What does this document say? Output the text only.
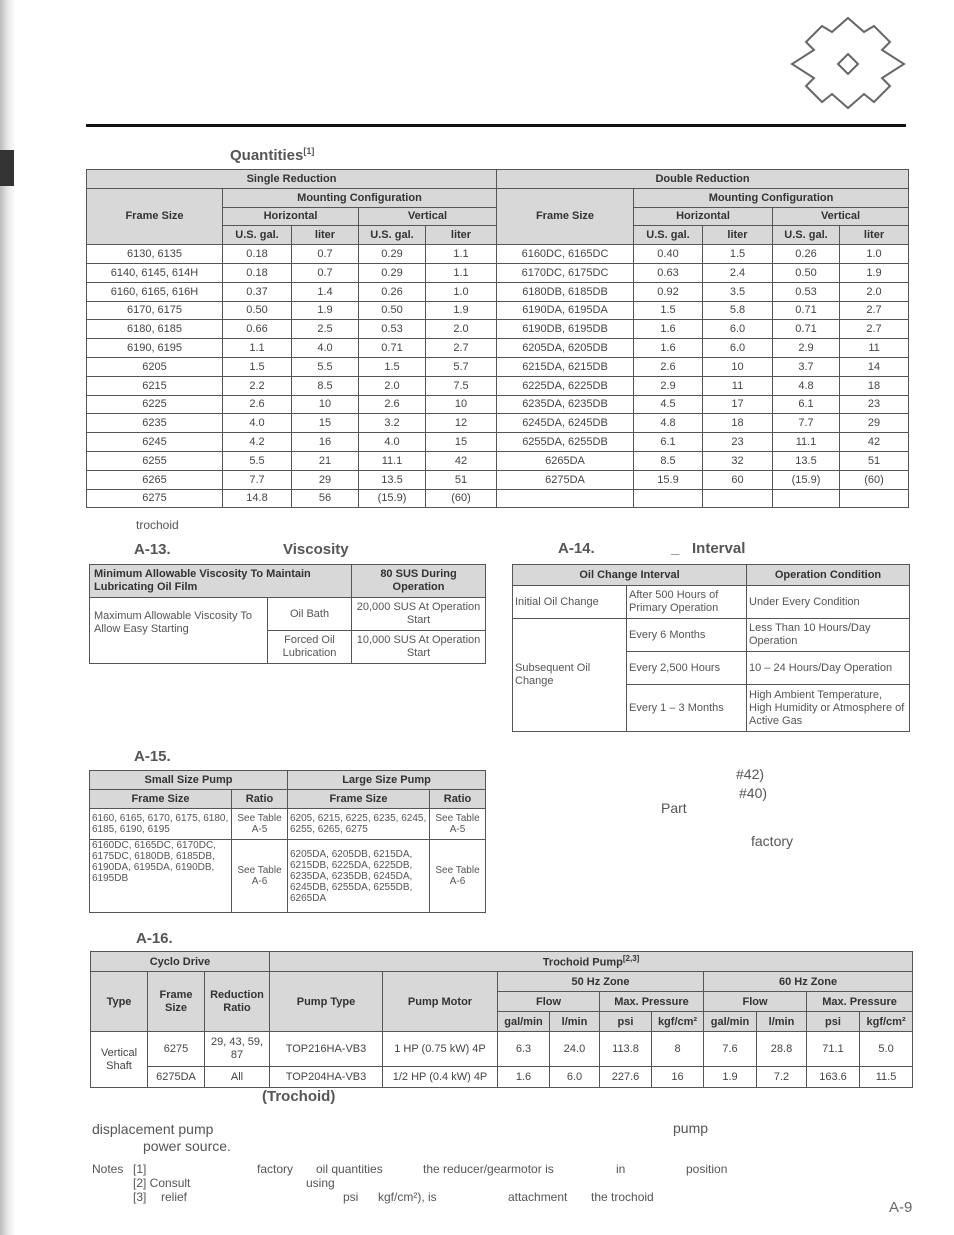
Quantities[1]
Single Reduction					Double Reduction				
Frame Size	Mounting Configuration				Frame Size	Mounting Configuration			
	Horizontal		Vertical			Horizontal		Vertical	
	U.S. gal.	liter	U.S. gal.	liter		U.S. gal.	liter	U.S. gal.	liter
6130, 6135	0.18	0.7	0.29	1.1	6160DC, 6165DC	0.40	1.5	0.26	1.0
6140, 6145, 614H	0.18	0.7	0.29	1.1	6170DC, 6175DC	0.63	2.4	0.50	1.9
6160, 6165, 616H	0.37	1.4	0.26	1.0	6180DB, 6185DB	0.92	3.5	0.53	2.0
6170, 6175	0.50	1.9	0.50	1.9	6190DA, 6195DA	1.5	5.8	0.71	2.7
6180, 6185	0.66	2.5	0.53	2.0	6190DB, 6195DB	1.6	6.0	0.71	2.7
6190, 6195	1.1	4.0	0.71	2.7	6205DA, 6205DB	1.6	6.0	2.9	11
6205	1.5	5.5	1.5	5.7	6215DA, 6215DB	2.6	10	3.7	14
6215	2.2	8.5	2.0	7.5	6225DA, 6225DB	2.9	11	4.8	18
6225	2.6	10	2.6	10	6235DA, 6235DB	4.5	17	6.1	23
6235	4.0	15	3.2	12	6245DA, 6245DB	4.8	18	7.7	29
6245	4.2	16	4.0	15	6255DA, 6255DB	6.1	23	11.1	42
6255	5.5	21	11.1	42	6265DA	8.5	32	13.5	51
6265	7.7	29	13.5	51	6275DA	15.9	60	(15.9)	(60)
6275	14.8	56	(15.9)	(60)					
trochoid
A-13.	Viscosity
Minimum Allowable Viscosity To Maintain Lubricating Oil Film		80 SUS During Operation
Maximum Allowable Viscosity To Allow Easy Starting	Oil Bath	20,000 SUS At Operation Start
	Forced Oil Lubrication	10,000 SUS At Operation Start
A-14.	_ Interval
Oil Change Interval		Operation Condition
Initial Oil Change	After 500 Hours of Primary Operation	Under Every Condition
Subsequent Oil Change	Every 6 Months	Less Than 10 Hours/Day Operation
	Every 2,500 Hours	10 – 24 Hours/Day Operation
	Every 1 – 3 Months	High Ambient Temperature, High Humidity or Atmosphere of Active Gas
A-15.
Small Size Pump		Large Size Pump	
Frame Size	Ratio	Frame Size	Ratio
6160, 6165, 6170, 6175, 6180, 6185, 6190, 6195	See Table A-5	6205, 6215, 6225, 6235, 6245, 6255, 6265, 6275	See Table A-5
6160DC, 6165DC, 6170DC, 6175DC, 6180DB, 6185DB, 6190DA, 6195DA, 6190DB, 6195DB	See Table A-6	6205DA, 6205DB, 6215DA, 6215DB, 6225DA, 6225DB, 6235DA, 6235DB, 6245DA, 6245DB, 6255DA, 6255DB, 6265DA	See Table A-6
#42)
#40)
Part
factory
A-16.
Cyclo Drive			Trochoid Pump[2,3]
Type	Frame Size	Reduction Ratio	Pump Type	Pump Motor	50 Hz Zone				60 Hz Zone			
					Flow		Max. Pressure		Flow		Max. Pressure	
					gal/min	l/min	psi	kgf/cm²	gal/min	l/min	psi	kgf/cm²
Vertical Shaft	6275	29, 43, 59, 87	TOP216HA-VB3	1 HP (0.75 kW) 4P	6.3	24.0	113.8	8	7.6	28.8	71.1	5.0
	6275DA	All	TOP204HA-VB3	1/2 HP (0.4 kW) 4P	1.6	6.0	227.6	16	1.9	7.2	163.6	11.5
(Trochoid)
displacement pump	pump
power source.
Notes [1]	factory oil quantities	the reducer/gearmotor is	in	position
[2] Consult	using
[3] relief	psi kgf/cm²), is	attachment the trochoid
A-9
